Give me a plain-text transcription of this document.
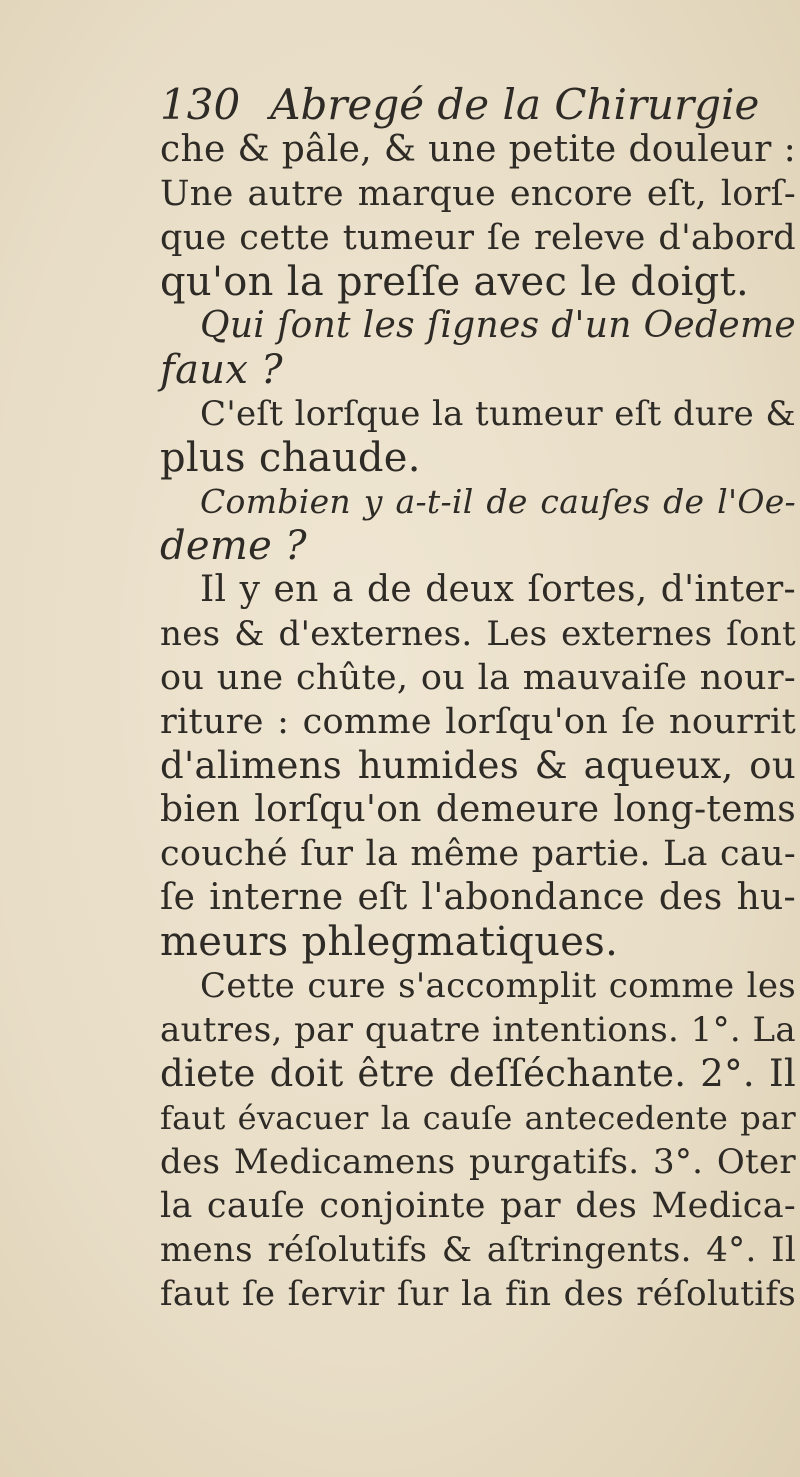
130 Abregé de la Chirurgie
che & pâle, & une petite douleur :
Une autre marque encore eſt, lorſ-
que cette tumeur ſe releve d'abord
qu'on la preſſe avec le doigt.
Qui ſont les ſignes d'un Oedeme
faux ?
C'eſt lorſque la tumeur eſt dure &
plus chaude.
Combien y a-t-il de cauſes de l'Oe-
deme ?
Il y en a de deux ſortes, d'inter-
nes & d'externes. Les externes ſont
ou une chûte, ou la mauvaiſe nour-
riture : comme lorſqu'on ſe nourrit
d'alimens humides & aqueux, ou
bien lorſqu'on demeure long-tems
couché ſur la même partie. La cau-
ſe interne eſt l'abondance des hu-
meurs phlegmatiques.
Cette cure s'accomplit comme les
autres, par quatre intentions. 1°. La
diete doit être deſſéchante. 2°. Il
faut évacuer la cauſe antecedente par
des Medicamens purgatifs. 3°. Oter
la cauſe conjointe par des Medica-
mens réſolutifs & aſtringents. 4°. Il
faut ſe ſervir ſur la fin des réſolutifs
